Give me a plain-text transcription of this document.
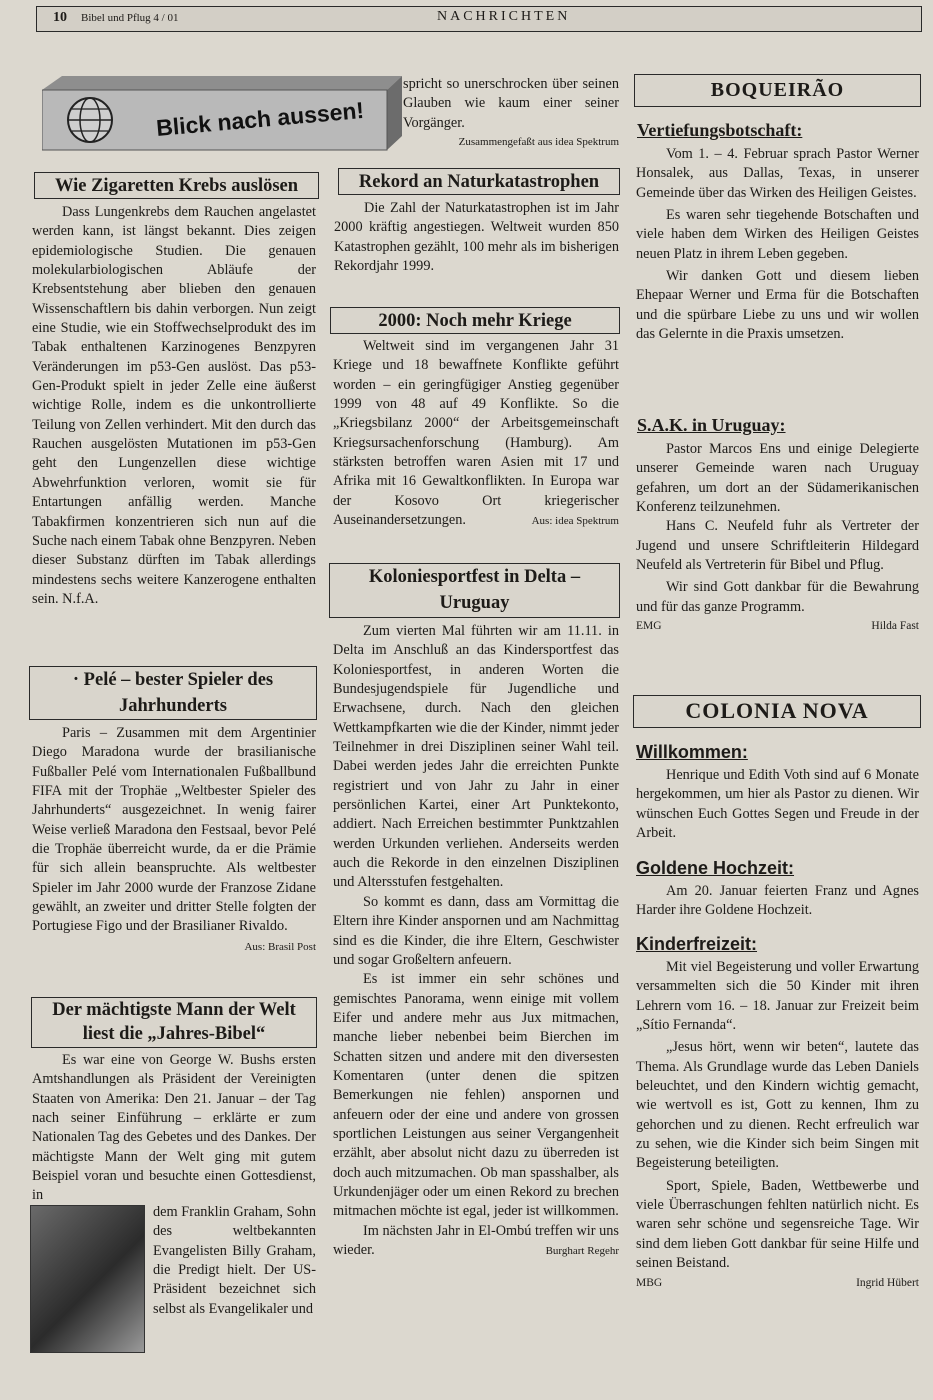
10 Bibel und Pflug 4 / 01	NACHRICHTEN
Blick nach aussen!

spricht so unerschrocken über seinen Glauben wie kaum einer seiner Vorgänger.

Zusammengefaßt aus idea Spektrum
Wie Zigaretten Krebs auslösen

Dass Lungenkrebs dem Rauchen angelastet werden kann, ist längst bekannt. Dies zeigen epidemiologische Studien. Die genauen molekularbiologischen Abläufe der Krebsentstehung aber blieben den genauen Wissenschaftlern bis dahin verborgen. Nun zeigt eine Studie, wie ein Stoffwechselprodukt des im Tabak enthaltenen Karzinogenes Benzpyren Veränderungen im p53-Gen auslöst. Das p53-Gen-Produkt spielt in jeder Zelle eine äußerst wichtige Rolle, indem es die unkontrollierte Teilung von Zellen verhindert. Mit den durch das Rauchen ausgelösten Mutationen im p53-Gen geht den Lungenzellen diese wichtige Abwehrfunktion verloren, womit sie für Entartungen anfällig werden. Manche Tabakfirmen konzentrieren sich nun auf die Suche nach einem Tabak ohne Benzpyren. Neben dieser Substanz dürften im Tabak allerdings mindestens sechs weitere Kanzerogene enthalten sein. N.f.A.

· Pelé – bester Spieler des Jahrhunderts

Paris – Zusammen mit dem Argentinier Diego Maradona wurde der brasilianische Fußballer Pelé vom Internationalen Fußballbund FIFA mit der Trophäe „Weltbester Spieler des Jahrhunderts“ ausgezeichnet. In wenig fairer Weise verließ Maradona den Festsaal, bevor Pelé die Trophäe überreicht wurde, da er die Prämie für sich allein beanspruchte. Als weltbester Spieler im Jahr 2000 wurde der Franzose Zidane gewählt, an zweiter und dritter Stelle folgten der Portugiese Figo und der Brasilianer Rivaldo.
Aus: Brasil Post

Der mächtigste Mann der Welt liest die „Jahres-Bibel“

Es war eine von George W. Bushs ersten Amtshandlungen als Präsident der Vereinigten Staaten von Amerika: Den 21. Januar – der Tag nach seiner Einführung – erklärte er zum Nationalen Tag des Gebetes und des Dankes. Der mächtigste Mann der Welt ging mit gutem Beispiel voran und besuchte einen Gottesdienst, in

dem Franklin Graham, Sohn des weltbekannten Evangelisten Billy Graham, die Predigt hielt. Der US-Präsident bezeichnet sich selbst als Evangelikaler und

Rekord an Naturkatastrophen

Die Zahl der Naturkatastrophen ist im Jahr 2000 kräftig angestiegen. Weltweit wurden 850 Katastrophen gezählt, 100 mehr als im bisherigen Rekordjahr 1999.

2000: Noch mehr Kriege

Weltweit sind im vergangenen Jahr 31 Kriege und 18 bewaffnete Konflikte geführt worden – ein geringfügiger Anstieg gegenüber 1999 von 48 auf 49 Konflikte. So die „Kriegsbilanz 2000“ der Arbeitsgemeinschaft Kriegsursachenforschung (Hamburg). Am stärksten betroffen waren Asien mit 17 und Afrika mit 16 Gewaltkonflikten. In Europa war der Kosovo Ort kriegerischer Auseinandersetzungen.	Aus: idea Spektrum

Koloniesportfest in Delta – Uruguay

Zum vierten Mal führten wir am 11.11. in Delta im Anschluß an das Kindersportfest das Koloniesportfest, in anderen Worten die Bundesjugendspiele für Jugendliche und Erwachsene, durch. Nach den gleichen Wettkampfkarten wie die der Kinder, nimmt jeder Teilnehmer in drei Disziplinen seiner Wahl teil. Dabei werden jedes Jahr die erreichten Punkte registriert und von Jahr zu Jahr in einer persönlichen Kartei, einer Art Punktekonto, addiert. Nach Erreichen bestimmter Punktzahlen werden Urkunden verliehen. Anderseits werden auch die Rekorde in den einzelnen Disziplinen und Altersstufen festgehalten.

So kommt es dann, dass am Vormittag die Eltern ihre Kinder anspornen und am Nachmittag sind es die Kinder, die ihre Eltern, Geschwister und sogar Großeltern anfeuern.

Es ist immer ein sehr schönes und gemischtes Panorama, wenn einige mit vollem Eifer und andere mehr aus Jux mitmachen, manche lieber nebenbei beim Bierchen im Schatten sitzen und andere mit den diversesten Komentaren (unter denen die spitzen Bemerkungen nie fehlen) anspornen und anfeuern oder der eine und andere von grossen sportlichen Leistungen aus seiner Vergangenheit erzählt, aber absolut nicht dazu zu überreden ist doch auch mitzumachen. Ob man spasshalber, als Urkundenjäger oder um einen Rekord zu brechen mitmachen möchte ist egal, jeder ist willkommen.

Im nächsten Jahr in El-Ombú treffen wir uns wieder.	Burghart Regehr

BOQUEIRÃO
Vertiefungsbotschaft:

Vom 1. – 4. Februar sprach Pastor Werner Honsalek, aus Dallas, Texas, in unserer Gemeinde über das Wirken des Heiligen Geistes.

Es waren sehr tiegehende Botschaften und viele haben dem Wirken des Heiligen Geistes neuen Platz in ihrem Leben gegeben.

Wir danken Gott und diesem lieben Ehepaar Werner und Erma für die Botschaften und die spürbare Liebe zu uns und wir wollen das Gelernte in die Praxis umsetzen.

S.A.K. in Uruguay:

Pastor Marcos Ens und einige Delegierte unserer Gemeinde waren nach Uruguay gefahren, um dort an der Südamerikanischen Konferenz teilzunehmen.

Hans C. Neufeld fuhr als Vertreter der Jugend und unsere Schriftleiterin Hildegard Neufeld als Vertreterin für Bibel und Pflug.

Wir sind Gott dankbar für die Bewahrung und für das ganze Programm.

EMG	Hilda Fast
COLONIA NOVA
Willkommen:

Henrique und Edith Voth sind auf 6 Monate hergekommen, um hier als Pastor zu dienen. Wir wünschen Euch Gottes Segen und Freude in der Arbeit.

Goldene Hochzeit:

Am 20. Januar feierten Franz und Agnes Harder ihre Goldene Hochzeit.

Kinderfreizeit:

Mit viel Begeisterung und voller Erwartung versammelten sich die 50 Kinder mit ihren Lehrern vom 16. – 18. Januar zur Freizeit beim „Sítio Fernanda“.

„Jesus hört, wenn wir beten“, lautete das Thema. Als Grundlage wurde das Leben Daniels beleuchtet, und den Kindern wichtig gemacht, wie wertvoll es ist, Gott zu kennen, Ihm zu gehorchen und zu dienen. Recht erfreulich war zu sehen, wie die Kinder sich beim Singen mit Begeisterung beteiligten.

Sport, Spiele, Baden, Wettbewerbe und viele Überraschungen fehlten natürlich nicht. Es waren sehr schöne und segensreiche Tage. Wir sind dem lieben Gott dankbar für seine Hilfe und seinen Beistand.

MBG	Ingrid Hübert
